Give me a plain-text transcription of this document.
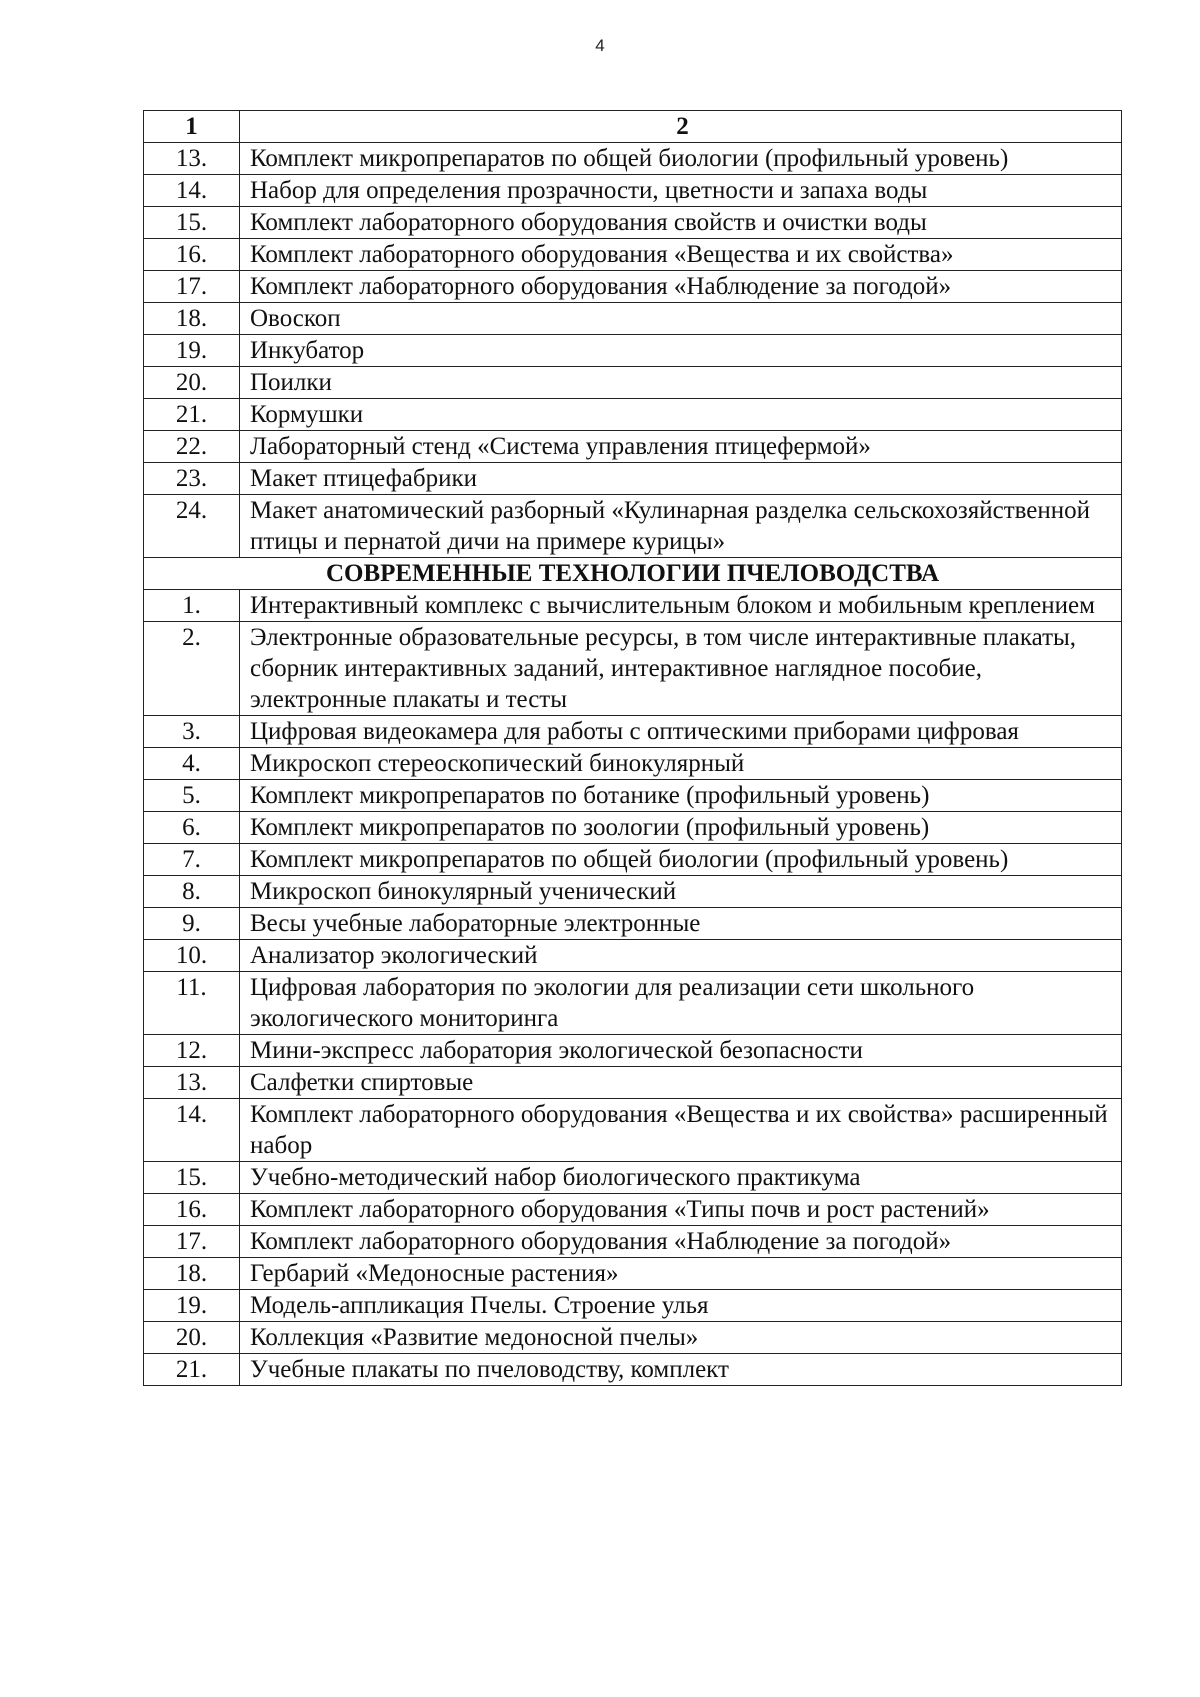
4
1	2
13.	Комплект микропрепаратов по общей биологии (профильный уровень)
14.	Набор для определения прозрачности, цветности и запаха воды
15.	Комплект лабораторного оборудования свойств и очистки воды
16.	Комплект лабораторного оборудования «Вещества и их свойства»
17.	Комплект лабораторного оборудования «Наблюдение за погодой»
18.	Овоскоп
19.	Инкубатор
20.	Поилки
21.	Кормушки
22.	Лабораторный стенд «Система управления птицефермой»
23.	Макет птицефабрики
24.	Макет анатомический разборный «Кулинарная разделка сельскохозяйственной птицы и пернатой дичи на примере курицы»
СОВРЕМЕННЫЕ ТЕХНОЛОГИИ ПЧЕЛОВОДСТВА	
1.	Интерактивный комплекс с вычислительным блоком и мобильным креплением
2.	Электронные образовательные ресурсы, в том числе интерактивные плакаты, сборник интерактивных заданий, интерактивное наглядное пособие, электронные плакаты и тесты
3.	Цифровая видеокамера для работы с оптическими приборами цифровая
4.	Микроскоп стереоскопический бинокулярный
5.	Комплект микропрепаратов по ботанике (профильный уровень)
6.	Комплект микропрепаратов по зоологии (профильный уровень)
7.	Комплект микропрепаратов по общей биологии (профильный уровень)
8.	Микроскоп бинокулярный ученический
9.	Весы учебные лабораторные электронные
10.	Анализатор экологический
11.	Цифровая лаборатория по экологии для реализации сети школьного экологического мониторинга
12.	Мини-экспресс лаборатория экологической безопасности
13.	Салфетки спиртовые
14.	Комплект лабораторного оборудования «Вещества и их свойства» расширенный набор
15.	Учебно-методический набор биологического практикума
16.	Комплект лабораторного оборудования «Типы почв и рост растений»
17.	Комплект лабораторного оборудования «Наблюдение за погодой»
18.	Гербарий «Медоносные растения»
19.	Модель-аппликация Пчелы. Строение улья
20.	Коллекция «Развитие медоносной пчелы»
21.	Учебные плакаты по пчеловодству, комплект
